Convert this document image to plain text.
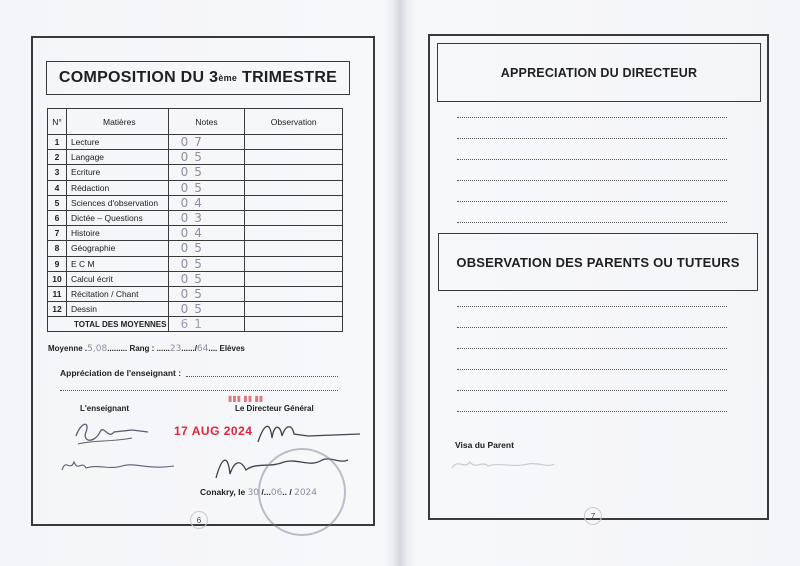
COMPOSITION DU 3 ème TRIMESTRE
N°	Matières	Notes	Observation
1	Lecture	07	
2	Langage	05	
3	Ecriture	05	
4	Rédaction	05	
5	Sciences d'observation	04	
6	Dictée – Questions	03	
7	Histoire	04	
8	Géographie	05	
9	E C M	05	
10	Calcul écrit	05	
11	Récitation / Chant	05	
12	Dessin	05	
TOTAL DES MOYENNES		61	
Moyenne .5,08......... Rang : ......23....../64.... Elèves
Appréciation de l'enseignant :
L'enseignant	Le Directeur Général
▮▮▮ ▮▮ ▮▮
17 AUG 2024
Conakry, le 30 /...06.. / 2024
6
APPRECIATION DU DIRECTEUR
OBSERVATION DES PARENTS OU TUTEURS
Visa du Parent
7
